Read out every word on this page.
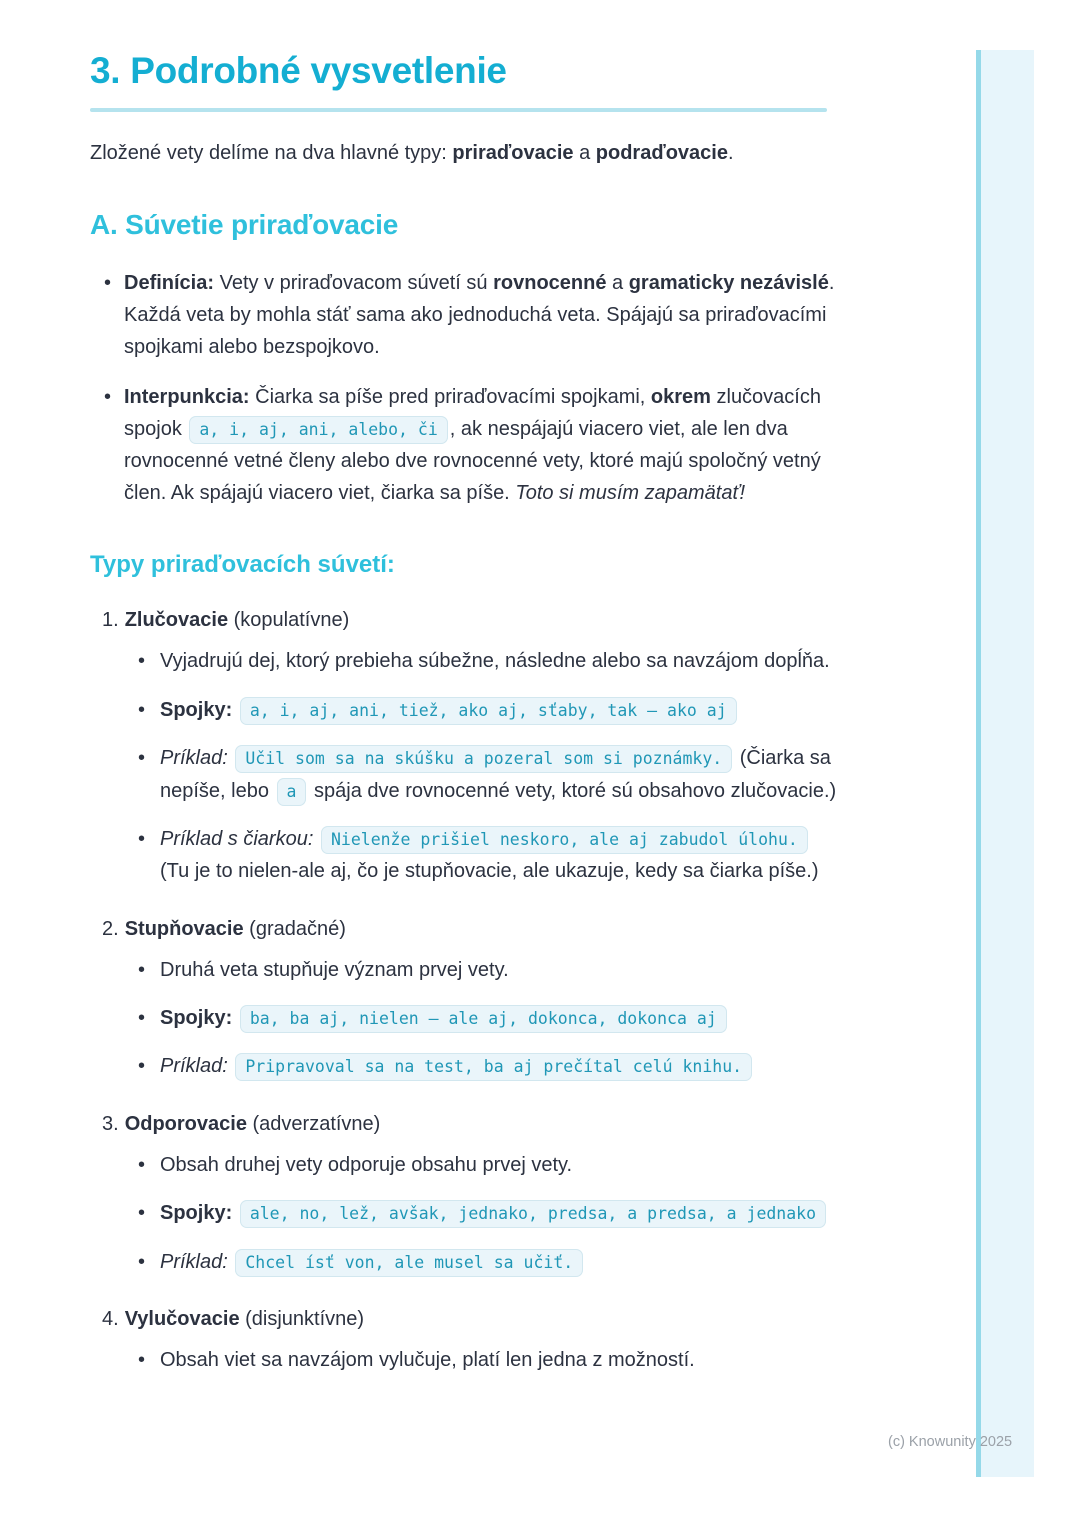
3. Podrobné vysvetlenie

Zložené vety delíme na dva hlavné typy: priraďovacie a podraďovacie.

A. Súvetie priraďovacie
• Definícia: Vety v priraďovacom súvetí sú rovnocenné a gramaticky nezávislé. Každá veta by mohla stáť sama ako jednoduchá veta. Spájajú sa priraďovacími spojkami alebo bezspojkovo.
• Interpunkcia: Čiarka sa píše pred priraďovacími spojkami, okrem zlučovacích spojok a, i, aj, ani, alebo, či , ak nespájajú viacero viet, ale len dva rovnocenné vetné členy alebo dve rovnocenné vety, ktoré majú spoločný vetný člen. Ak spájajú viacero viet, čiarka sa píše. Toto si musím zapamätať!
Typy priraďovacích súvetí:
1. Zlučovacie (kopulatívne)
• Vyjadrujú dej, ktorý prebieha súbežne, následne alebo sa navzájom dopĺňa.
• Spojky: a, i, aj, ani, tiež, ako aj, sťaby, tak – ako aj
• Príklad: Učil som sa na skúšku a pozeral som si poznámky. (Čiarka sa nepíše, lebo a spája dve rovnocenné vety, ktoré sú obsahovo zlučovacie.)
• Príklad s čiarkou: Nielenže prišiel neskoro, ale aj zabudol úlohu. (Tu je to nielen-ale aj, čo je stupňovacie, ale ukazuje, kedy sa čiarka píše.)
2. Stupňovacie (gradačné)
• Druhá veta stupňuje význam prvej vety.
• Spojky: ba, ba aj, nielen – ale aj, dokonca, dokonca aj
• Príklad: Pripravoval sa na test, ba aj prečítal celú knihu.
3. Odporovacie (adverzatívne)
• Obsah druhej vety odporuje obsahu prvej vety.
• Spojky: ale, no, lež, avšak, jednako, predsa, a predsa, a jednako
• Príklad: Chcel ísť von, ale musel sa učiť.
4. Vylučovacie (disjunktívne)
• Obsah viet sa navzájom vylučuje, platí len jedna z možností.
(c) Knowunity 2025
